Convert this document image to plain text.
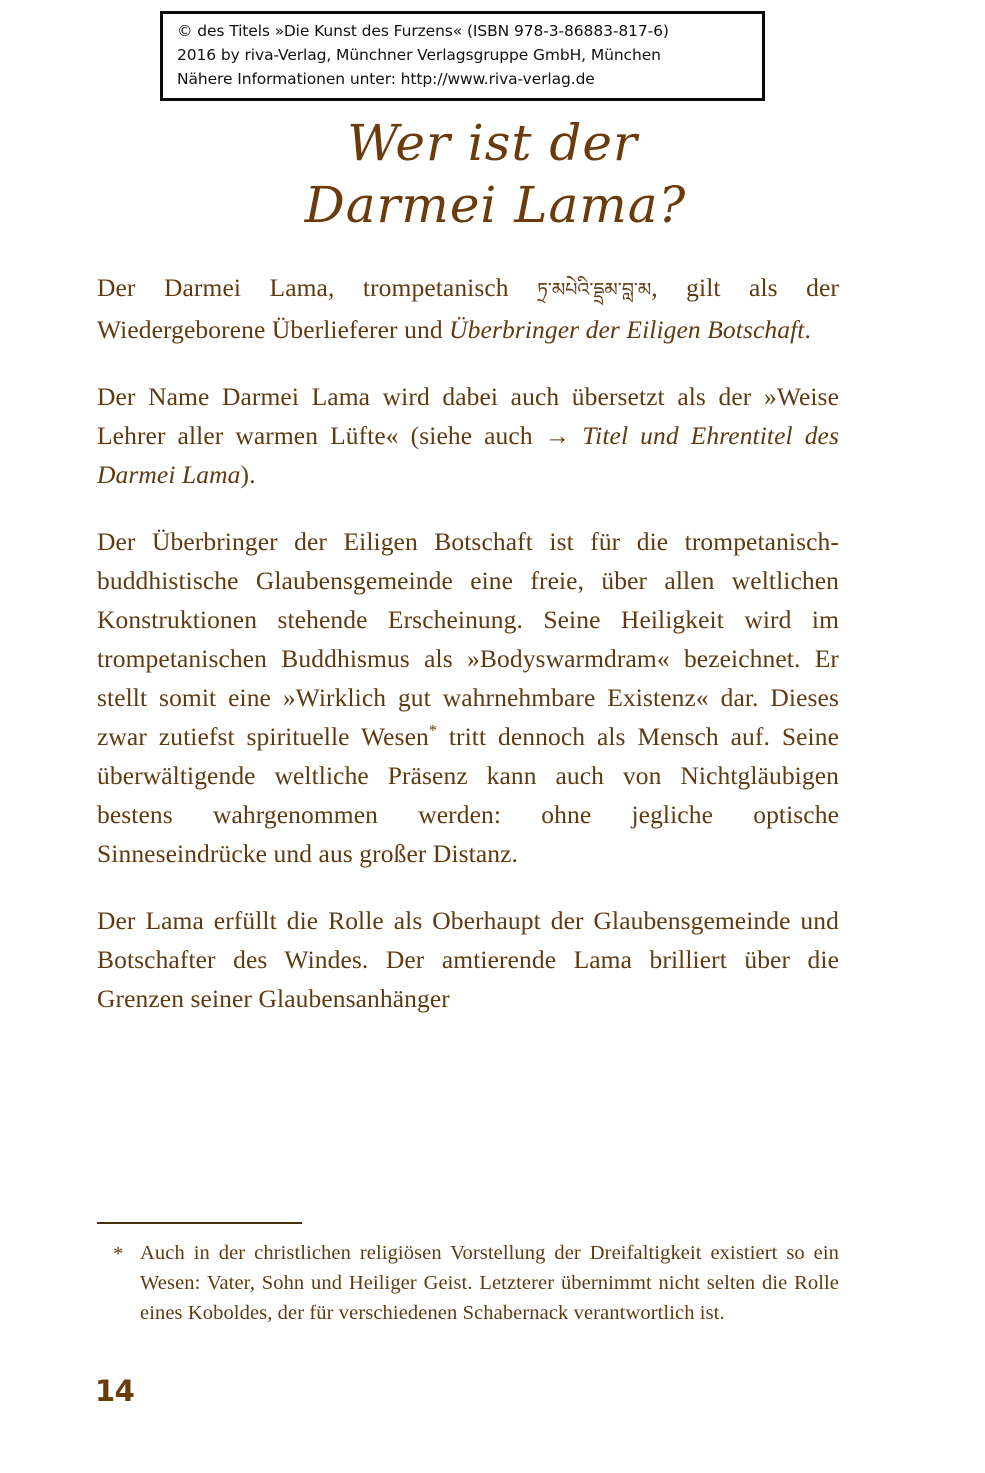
© des Titels »Die Kunst des Furzens« (ISBN 978-3-86883-817-6)
2016 by riva-Verlag, Münchner Verlagsgruppe GmbH, München
Nähere Informationen unter: http://www.riva-verlag.de
Wer ist der
Darmei Lama?

Der Darmei Lama, trompetanisch ཏྲ་མཔེའི་དྡྲམ་བླ་མ, gilt als der Wiedergeborene Überlieferer und Überbringer der Eiligen Botschaft.

Der Name Darmei Lama wird dabei auch übersetzt als der »Weise Lehrer aller warmen Lüfte« (siehe auch → Titel und Ehrentitel des Darmei Lama).

Der Überbringer der Eiligen Botschaft ist für die trompetanisch-buddhistische Glaubensgemeinde eine freie, über allen weltlichen Konstruktionen stehende Erscheinung. Seine Heiligkeit wird im trompetanischen Buddhismus als »Bodyswarmdram« bezeichnet. Er stellt somit eine »Wirklich gut wahrnehmbare Existenz« dar. Dieses zwar zutiefst spirituelle Wesen* tritt dennoch als Mensch auf. Seine überwältigende weltliche Präsenz kann auch von Nichtgläubigen bestens wahrgenommen werden: ohne jegliche optische Sinneseindrücke und aus großer Distanz.

Der Lama erfüllt die Rolle als Oberhaupt der Glaubensgemeinde und Botschafter des Windes. Der amtierende Lama brilliert über die Grenzen seiner Glaubensanhänger

* Auch in der christlichen religiösen Vorstellung der Dreifaltigkeit existiert so ein Wesen: Vater, Sohn und Heiliger Geist. Letzterer übernimmt nicht selten die Rolle eines Koboldes, der für verschiedenen Schabernack verantwortlich ist.
14
